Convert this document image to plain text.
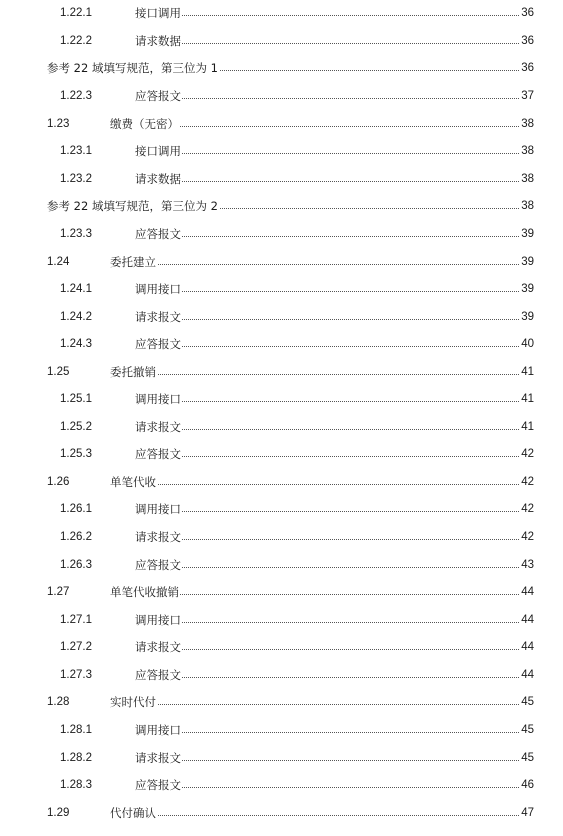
1.22.1	接口调用	36
1.22.2	请求数据	36
参考 22 域填写规范，第三位为 1	36
1.22.3	应答报文	37
1.23	缴费（无密）	38
1.23.1	接口调用	38
1.23.2	请求数据	38
参考 22 域填写规范，第三位为 2	38
1.23.3	应答报文	39
1.24	委托建立	39
1.24.1	调用接口	39
1.24.2	请求报文	39
1.24.3	应答报文	40
1.25	委托撤销	41
1.25.1	调用接口	41
1.25.2	请求报文	41
1.25.3	应答报文	42
1.26	单笔代收	42
1.26.1	调用接口	42
1.26.2	请求报文	42
1.26.3	应答报文	43
1.27	单笔代收撤销	44
1.27.1	调用接口	44
1.27.2	请求报文	44
1.27.3	应答报文	44
1.28	实时代付	45
1.28.1	调用接口	45
1.28.2	请求报文	45
1.28.3	应答报文	46
1.29	代付确认	47
